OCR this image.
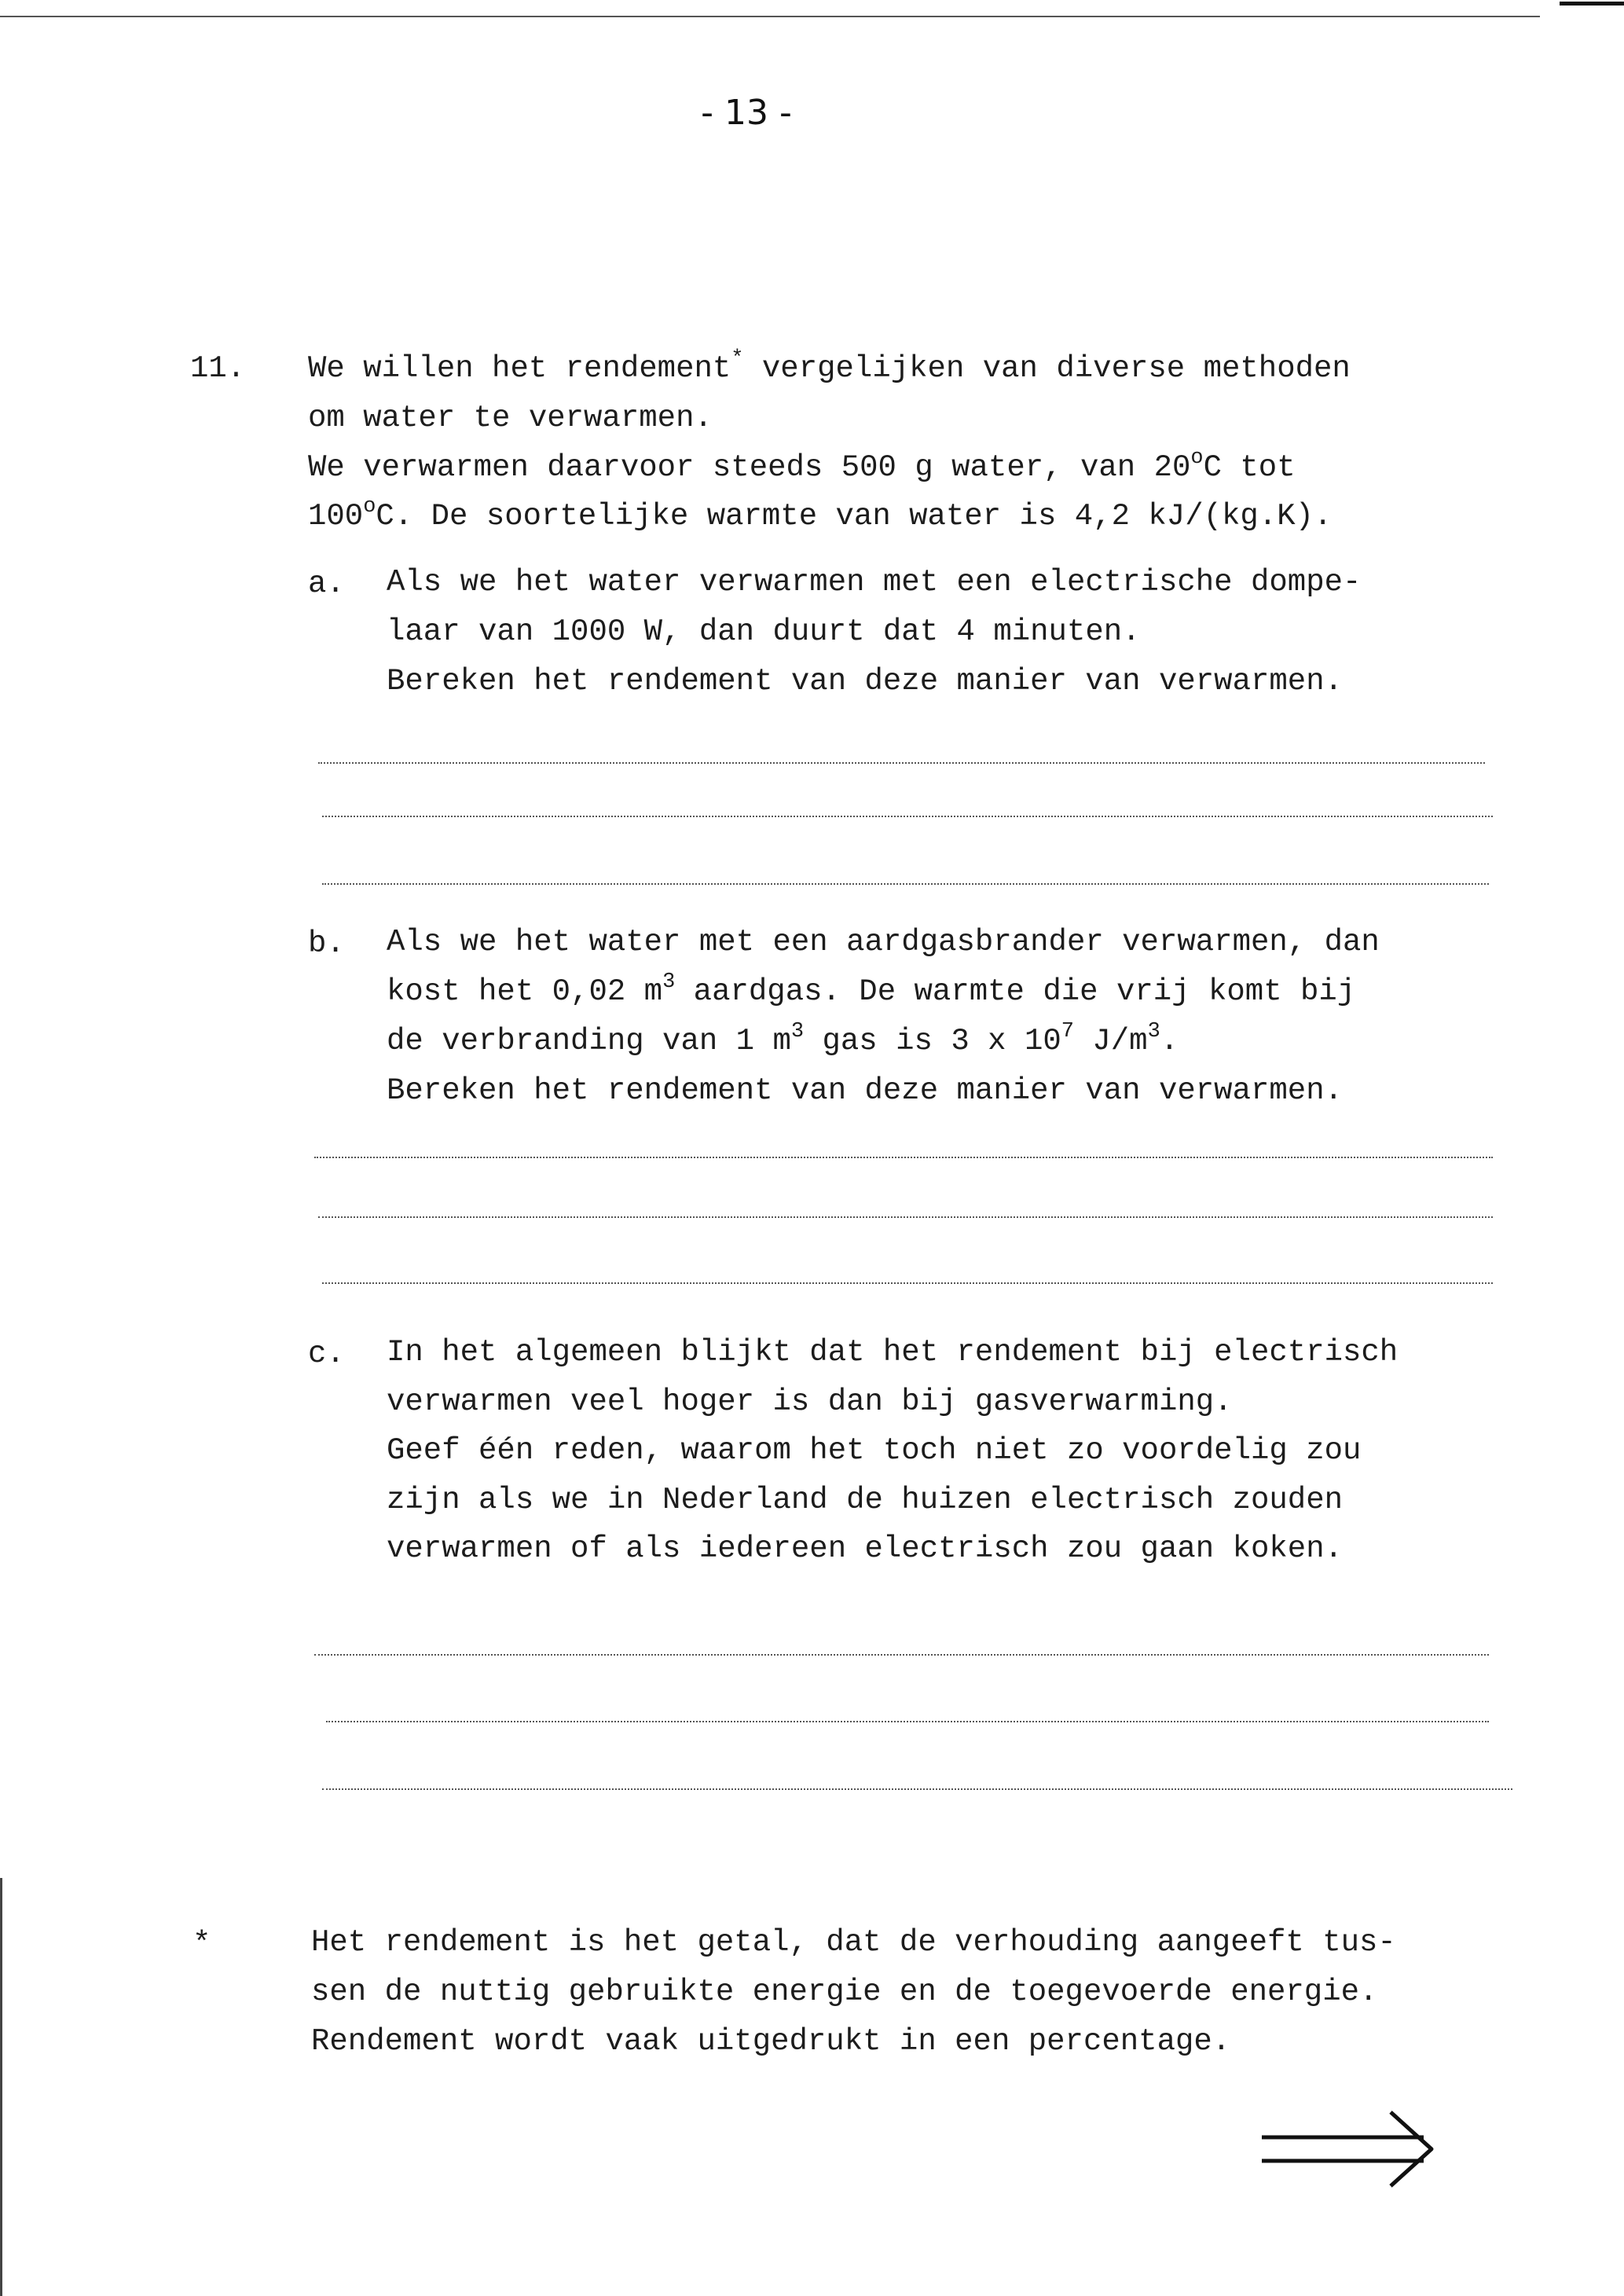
- 13 -
11. We willen het rendement* vergelijken van diverse methoden
om water te verwarmen.
We verwarmen daarvoor steeds 500 g water, van 20$^o$C tot
100$^o$C. De soortelijke warmte van water is 4,2 kJ/(kg.K).
a. Als we het water verwarmen met een electrische dompe-
laar van 1000 W, dan duurt dat 4 minuten.
Bereken het rendement van deze manier van verwarmen.
b. Als we het water met een aardgasbrander verwarmen, dan
kost het 0,02 $m^3$ aardgas. De warmte die vrij komt bij
de verbranding van 1 $m^3$ gas is 3 x $10^7$ $J/m^3$.
Bereken het rendement van deze manier van verwarmen.
c. In het algemeen blijkt dat het rendement bij electrisch
verwarmen veel hoger is dan bij gasverwarming.
Geef één reden, waarom het toch niet zo voordelig zou
zijn als we in Nederland de huizen electrisch zouden
verwarmen of als iedereen electrisch zou gaan koken.
*	Het rendement is het getal, dat de verhouding aangeeft tus-
sen de nuttig gebruikte energie en de toegevoerde energie.
Rendement wordt vaak uitgedrukt in een percentage.
